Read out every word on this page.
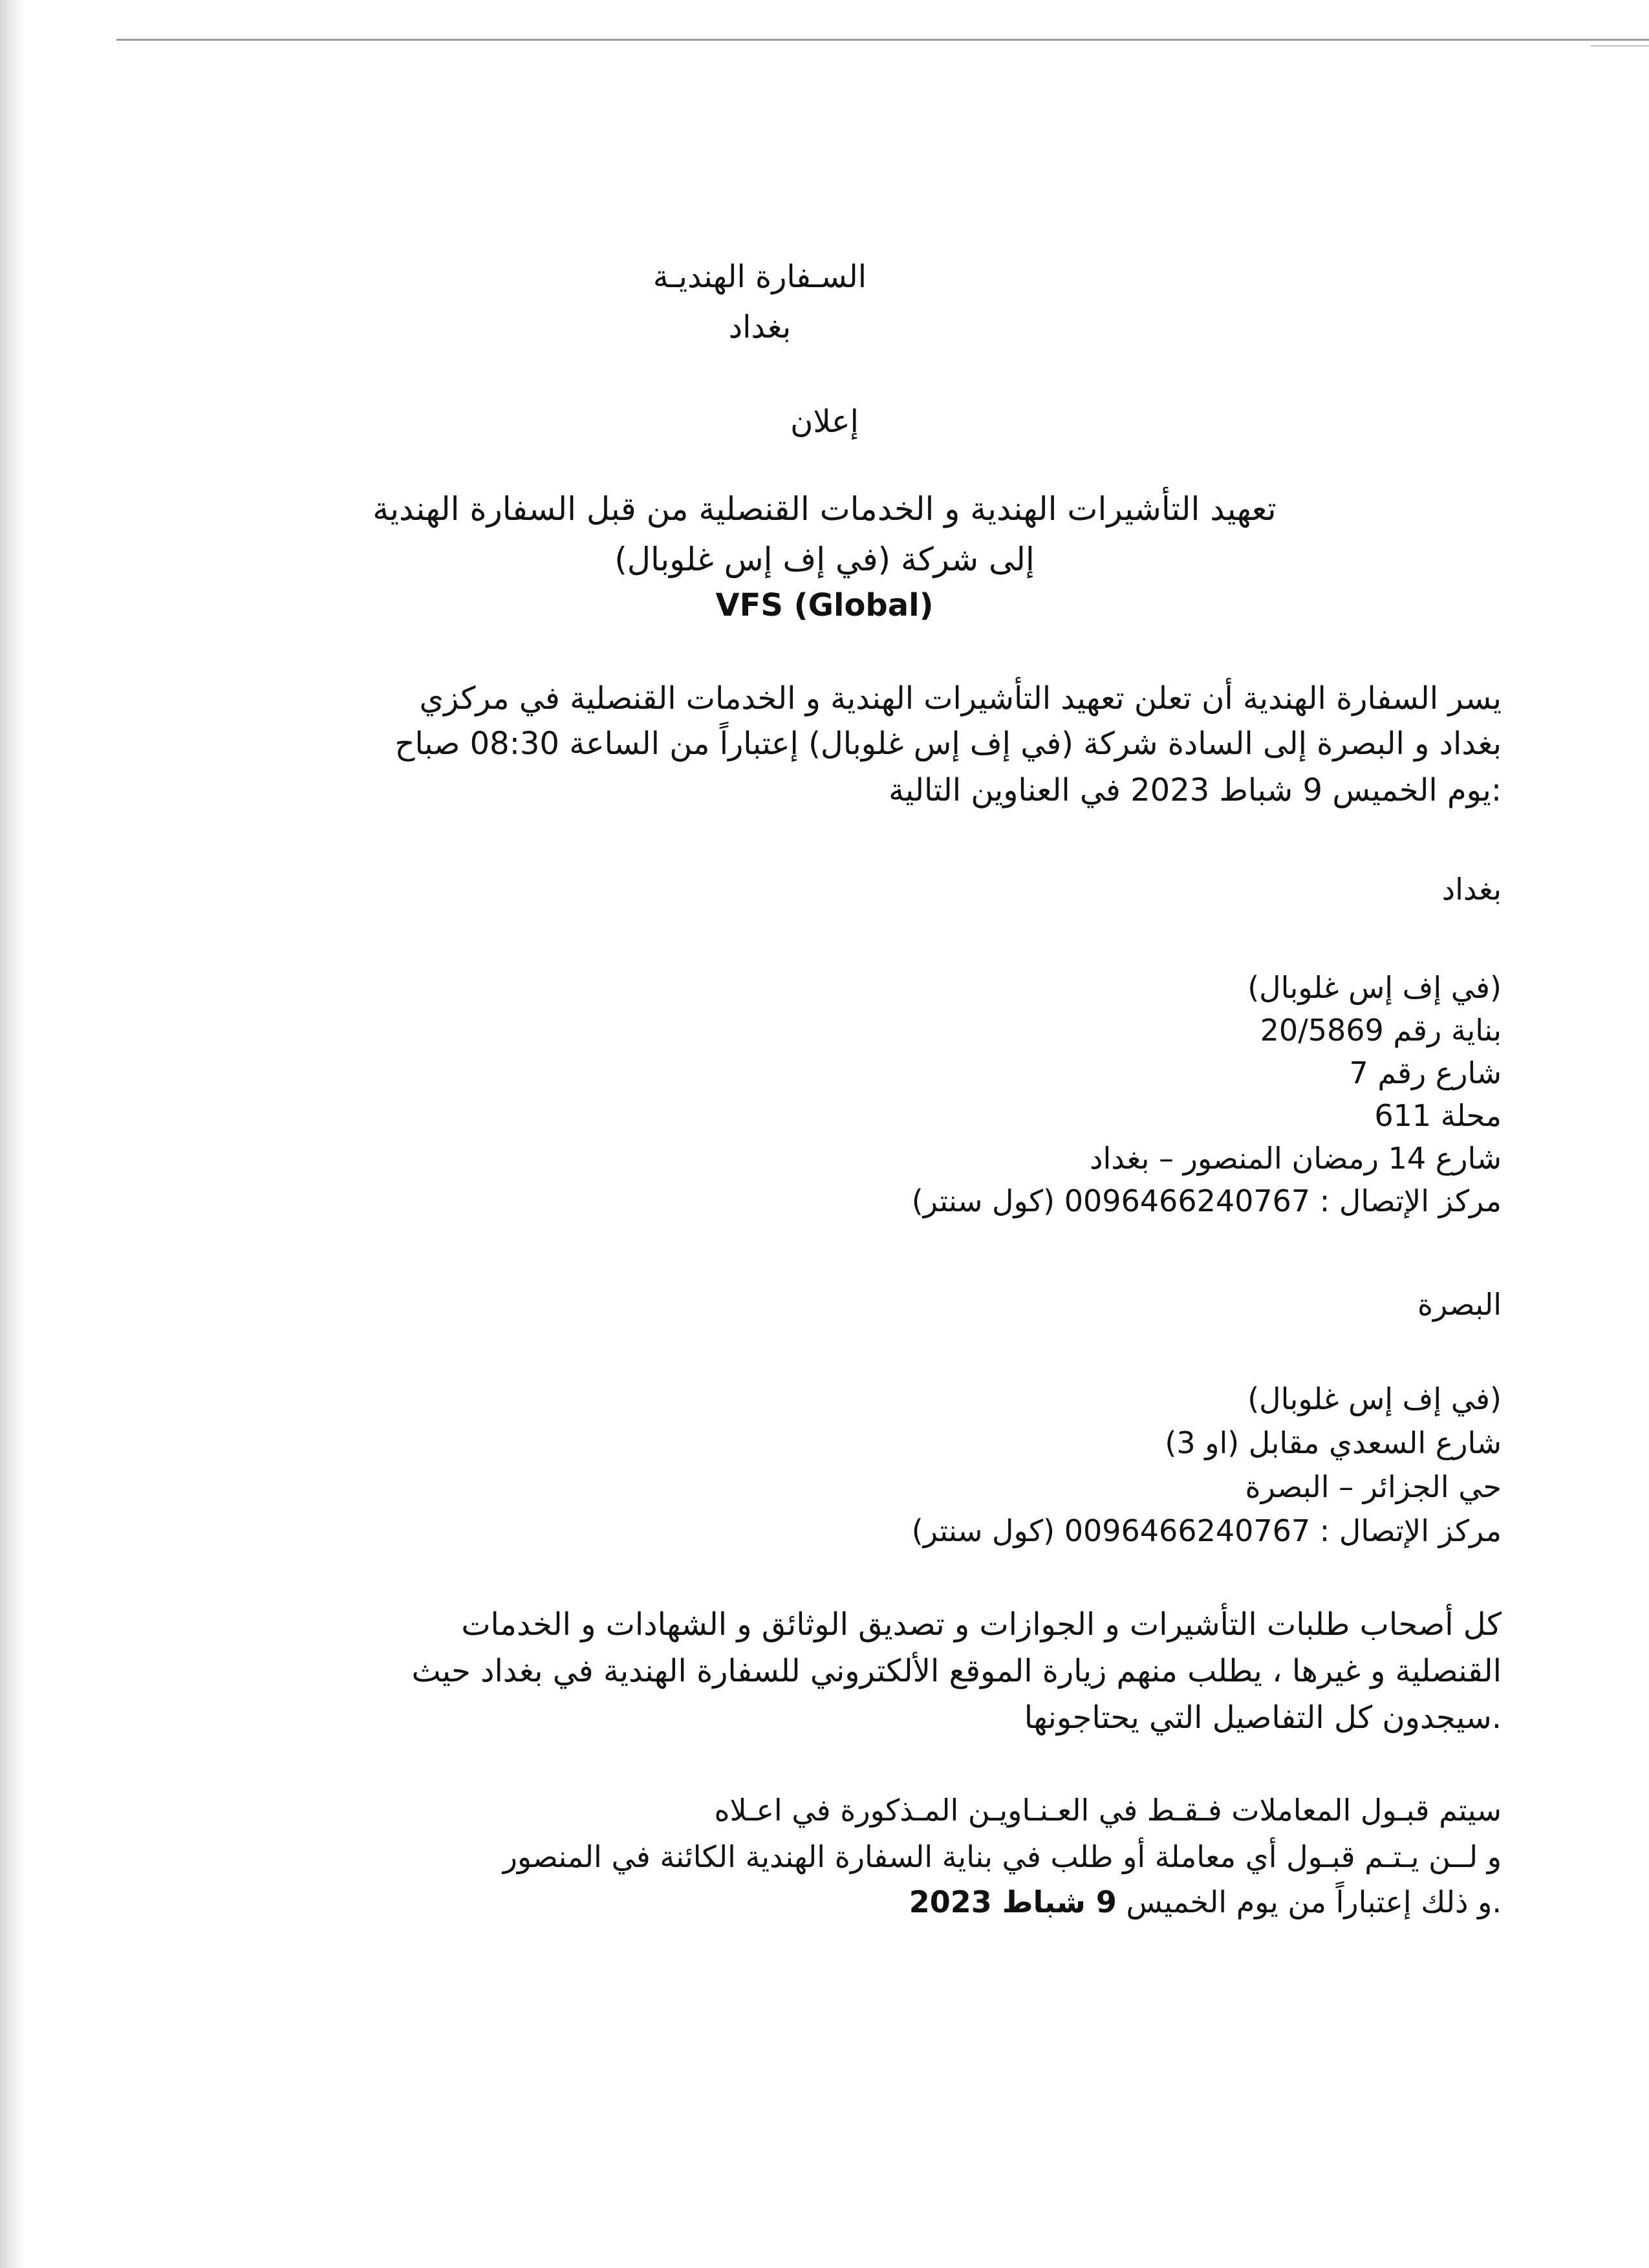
السـفارة الهنديـة
بغداد
إعلان
تعهيد التأشيرات الهندية و الخدمات القنصلية من قبل السفارة الهندية
إلى شركة (في إف إس غلوبال)
VFS (Global)
يسر السفارة الهندية أن تعلن تعهيد التأشيرات الهندية و الخدمات القنصلية في مركزي
بغداد و البصرة إلى السادة شركة (في إف إس غلوبال) إعتباراً من الساعة 08:30 صباح
:يوم الخميس 9 شباط 2023 في العناوين التالية
بغداد
(في إف إس غلوبال)
بناية رقم 20/5869
شارع رقم 7
محلة 611
شارع 14 رمضان المنصور – بغداد
مركز الإتصال : 0096466240767 (كول سنتر)
البصرة
(في إف إس غلوبال)
شارع السعدي مقابل (او 3)
حي الجزائر – البصرة
مركز الإتصال : 0096466240767 (كول سنتر)
كل أصحاب طلبات التأشيرات و الجوازات و تصديق الوثائق و الشهادات و الخدمات
القنصلية و غيرها ، يطلب منهم زيارة الموقع الألكتروني للسفارة الهندية في بغداد حيث
.سيجدون كل التفاصيل التي يحتاجونها
سيتم قبـول المعاملات فـقـط في العـنـاويـن المـذكورة في اعـلاه
و لــن يـتـم قبـول أي معاملة أو طلب في بناية السفارة الهندية الكائنة في المنصور
.و ذلك إعتباراً من يوم الخميس 9 شباط 2023
